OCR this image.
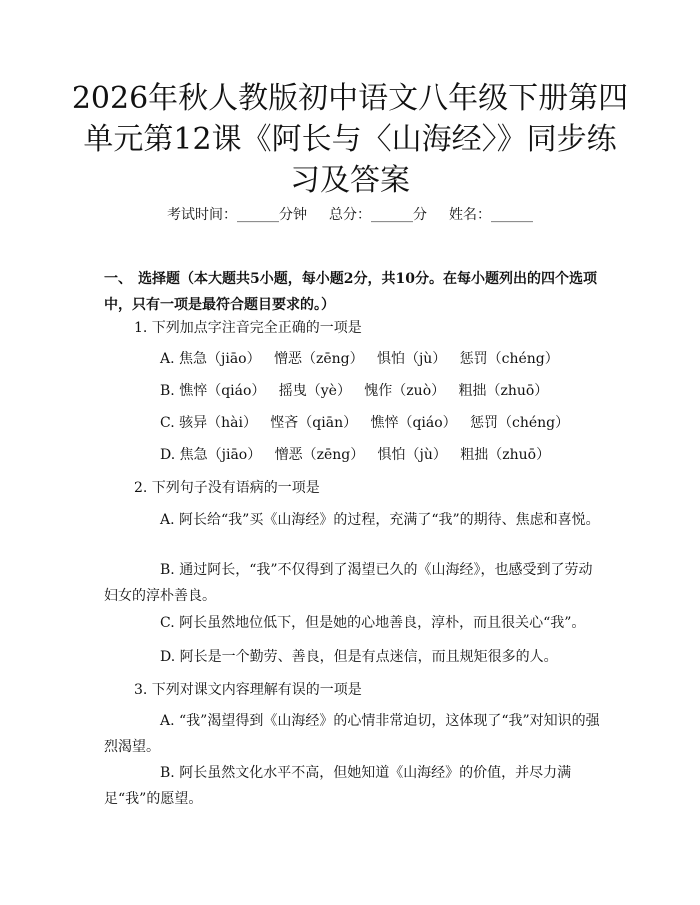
2026年秋人教版初中语文八年级下册第四单元第12课《阿长与〈山海经〉》同步练习及答案
考试时间：______分钟 总分：______分 姓名：______
一、 选择题（本大题共5小题，每小题2分，共10分。在每小题列出的四个选项中，只有一项是最符合题目要求的。）
1. 下列加点字注音完全正确的一项是
A. 焦急（jiāo）   憎恶（zēng）   惧怕（jù）   惩罚（chéng）
B. 憔悴（qiáo）   摇曳（yè）   愧作（zuò）   粗拙（zhuō）
C. 骇异（hài）   悭吝（qiān）   憔悴（qiáo）   惩罚（chéng）
D. 焦急（jiāo）   憎恶（zēng）   惧怕（jù）   粗拙（zhuō）
2. 下列句子没有语病的一项是
A. 阿长给“我”买《山海经》的过程，充满了“我”的期待、焦虑和喜悦。
B. 通过阿长，“我”不仅得到了渴望已久的《山海经》，也感受到了劳动妇女的淳朴善良。
C. 阿长虽然地位低下，但是她的心地善良，淳朴，而且很关心“我”。
D. 阿长是一个勤劳、善良，但是有点迷信，而且规矩很多的人。
3. 下列对课文内容理解有误的一项是
A. “我”渴望得到《山海经》的心情非常迫切，这体现了“我”对知识的强烈渴望。
B. 阿长虽然文化水平不高，但她知道《山海经》的价值，并尽力满足“我”的愿望。
